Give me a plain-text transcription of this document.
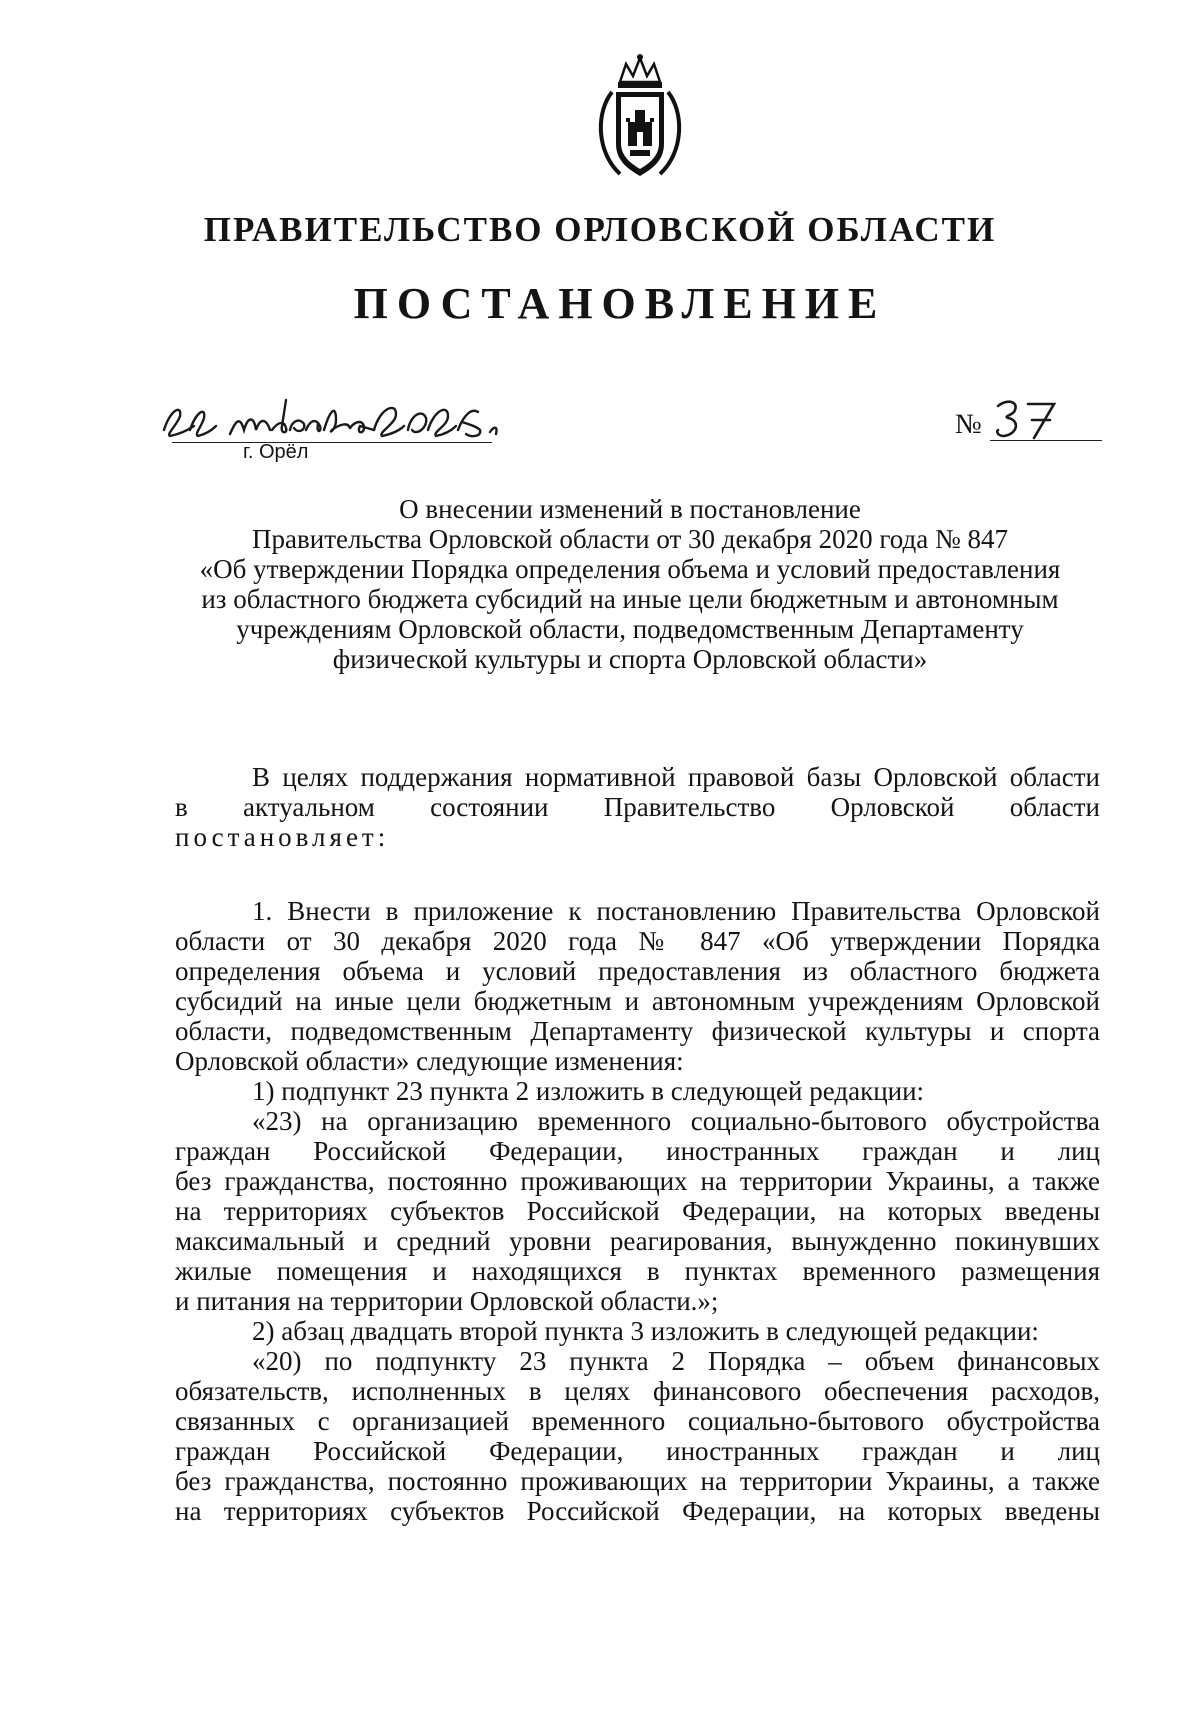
ПРАВИТЕЛЬСТВО ОРЛОВСКОЙ ОБЛАСТИ
ПОСТАНОВЛЕНИЕ
г. Орёл
№
О внесении изменений в постановление
Правительства Орловской области от 30 декабря 2020 года № 847
«Об утверждении Порядка определения объема и условий предоставления
из областного бюджета субсидий на иные цели бюджетным и автономным
учреждениям Орловской области, подведомственным Департаменту
физической культуры и спорта Орловской области»
В целях поддержания нормативной правовой базы Орловской области
в актуальном состоянии Правительство Орловской области
постановляет:
1. Внести в приложение к постановлению Правительства Орловской
области от 30 декабря 2020 года № 847 «Об утверждении Порядка
определения объема и условий предоставления из областного бюджета
субсидий на иные цели бюджетным и автономным учреждениям Орловской
области, подведомственным Департаменту физической культуры и спорта
Орловской области» следующие изменения:
1) подпункт 23 пункта 2 изложить в следующей редакции:
«23) на организацию временного социально-бытового обустройства
граждан Российской Федерации, иностранных граждан и лиц
без гражданства, постоянно проживающих на территории Украины, а также
на территориях субъектов Российской Федерации, на которых введены
максимальный и средний уровни реагирования, вынужденно покинувших
жилые помещения и находящихся в пунктах временного размещения
и питания на территории Орловской области.»;
2) абзац двадцать второй пункта 3 изложить в следующей редакции:
«20) по подпункту 23 пункта 2 Порядка – объем финансовых
обязательств, исполненных в целях финансового обеспечения расходов,
связанных с организацией временного социально-бытового обустройства
граждан Российской Федерации, иностранных граждан и лиц
без гражданства, постоянно проживающих на территории Украины, а также
на территориях субъектов Российской Федерации, на которых введены
